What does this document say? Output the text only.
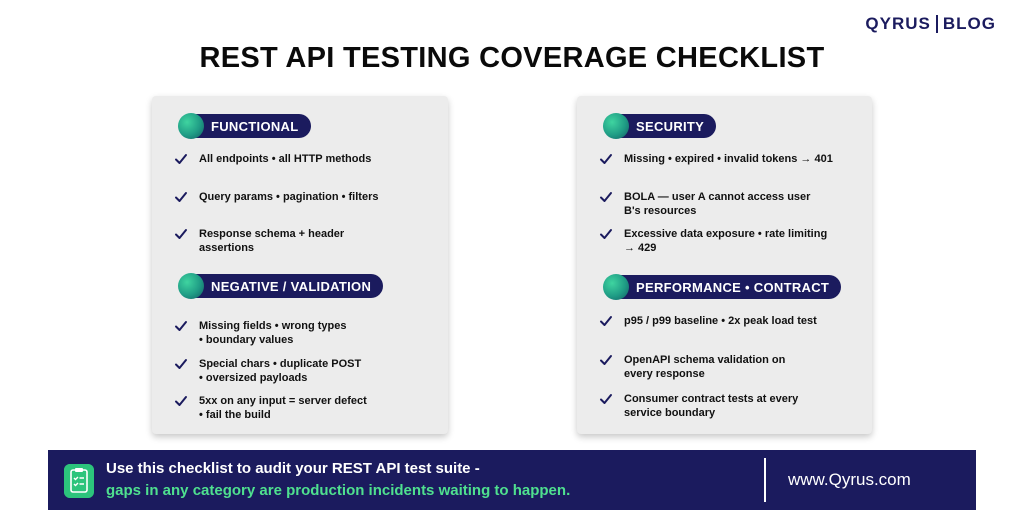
QYRUS BLOG
REST API TESTING COVERAGE CHECKLIST
FUNCTIONAL
All endpoints • all HTTP methods
Query params • pagination • filters
Response schema + header
assertions
NEGATIVE / VALIDATION
Missing fields • wrong types
• boundary values
Special chars • duplicate POST
• oversized payloads
5xx on any input = server defect
• fail the build
SECURITY
Missing • expired • invalid tokens → 401
BOLA — user A cannot access user
B's resources
Excessive data exposure • rate limiting
→ 429
PERFORMANCE • CONTRACT
p95 / p99 baseline • 2x peak load test
OpenAPI schema validation on
every response
Consumer contract tests at every
service boundary
Use this checklist to audit your REST API test suite -
gaps in any category are production incidents waiting to happen.
www.Qyrus.com
